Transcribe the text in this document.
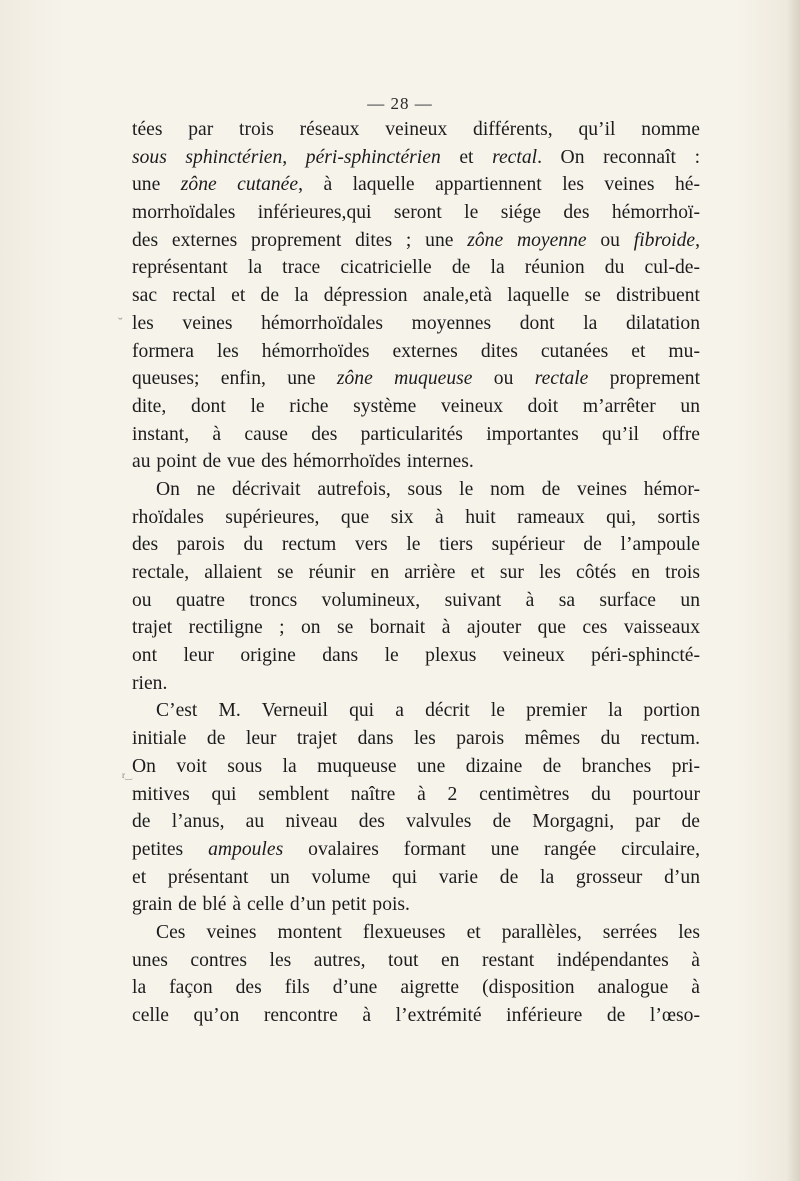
— 28 —
˘
tées par trois réseaux veineux différents, qu’il nomme
sous sphinctérien, péri-sphinctérien et rectal. On reconnaît :
une zône cutanée, à laquelle appartiennent les veines hé-
morrhoïdales inférieures,qui seront le siége des hémorrhoï-
des externes proprement dites ; une zône moyenne ou fibroide,
représentant la trace cicatricielle de la réunion du cul-de-
sac rectal et de la dépression anale,età laquelle se distribuent
les veines hémorrhoïdales moyennes dont la dilatation
formera les hémorrhoïdes externes dites cutanées et mu-
queuses; enfin, une zône muqueuse ou rectale proprement
dite, dont le riche système veineux doit m’arrêter un
instant, à cause des particularités importantes qu’il offre
au point de vue des hémorrhoïdes internes.
On ne décrivait autrefois, sous le nom de veines hémor-
rhoïdales supérieures, que six à huit rameaux qui, sortis
des parois du rectum vers le tiers supérieur de l’ampoule
rectale, allaient se réunir en arrière et sur les côtés en trois
ou quatre troncs volumineux, suivant à sa surface un
trajet rectiligne ; on se bornait à ajouter que ces vaisseaux
ont leur origine dans le plexus veineux péri-sphincté-
rien.
C’est M. Verneuil qui a décrit le premier la portion
initiale de leur trajet dans les parois mêmes du rectum.
On voit sous la muqueuse une dizaine de branches pri-
mitives qui semblent naître à 2 centimètres du pourtour
de l’anus, au niveau des valvules de Morgagni, par de
petites ampoules ovalaires formant une rangée circulaire,
et présentant un volume qui varie de la grosseur d’un
grain de blé à celle d’un petit pois.
Ces veines montent flexueuses et parallèles, serrées les
unes contres les autres, tout en restant indépendantes à
la façon des fils d’une aigrette (disposition analogue à
celle qu’on rencontre à l’extrémité inférieure de l’œso-
r‿
